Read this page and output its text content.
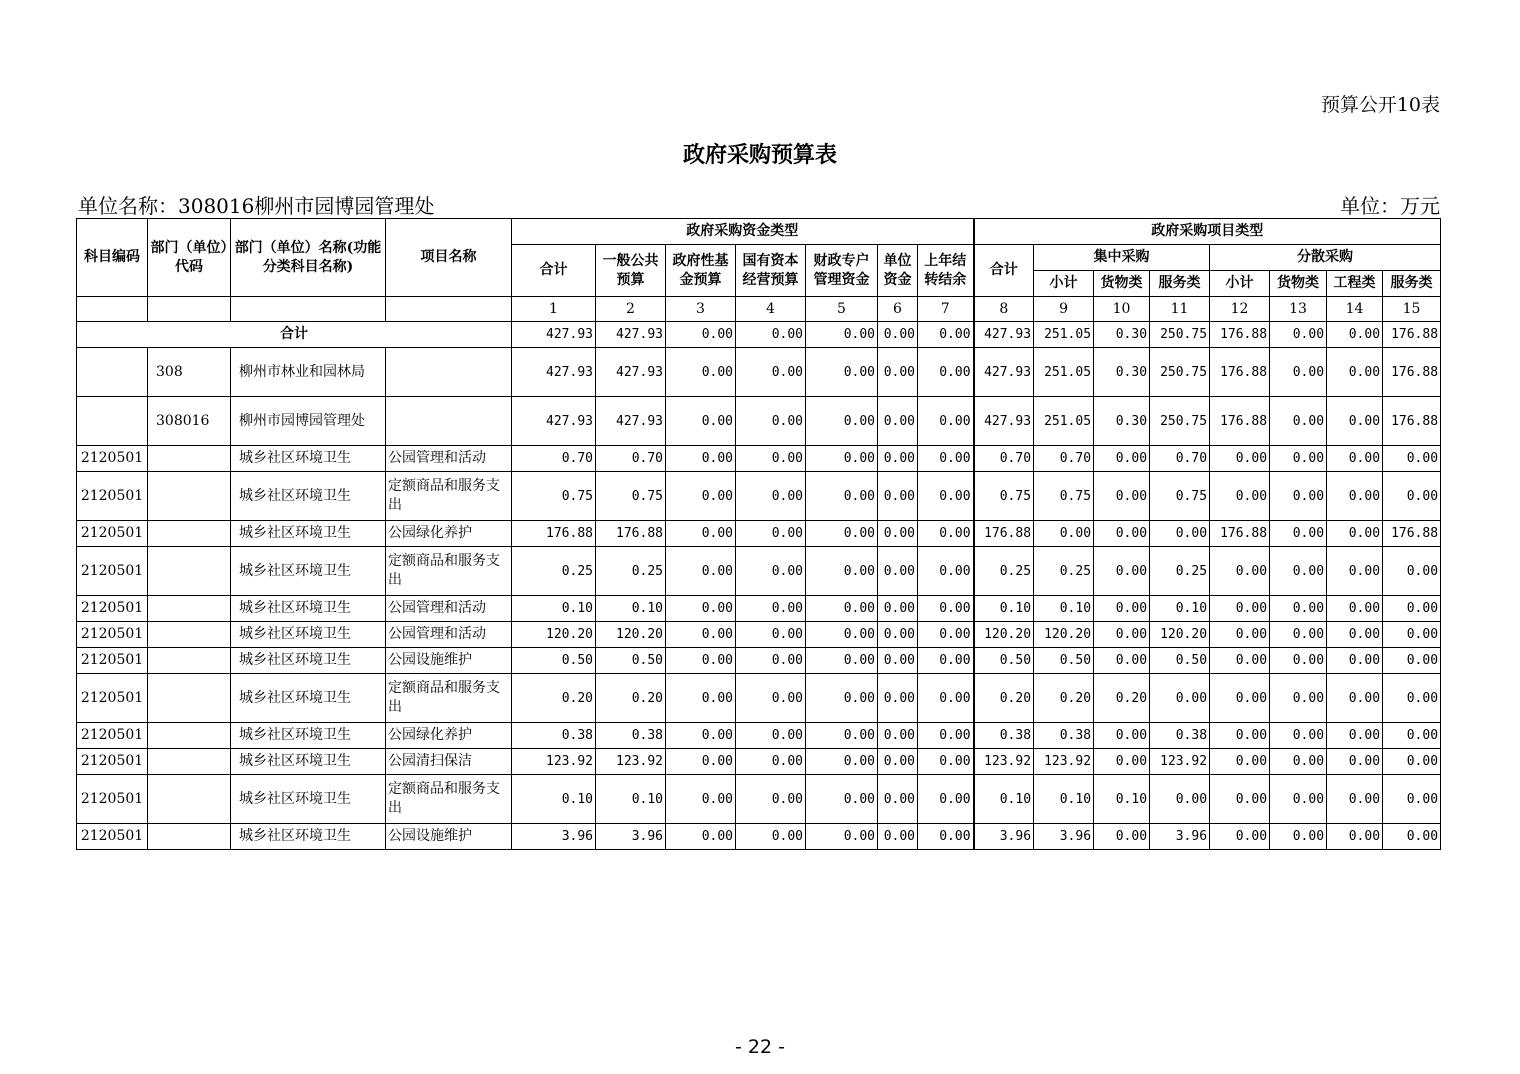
预算公开10表
政府采购预算表
单位名称：308016柳州市园博园管理处	单位：万元
科目编码	部门（单位）代码	部门（单位）名称(功能分类科目名称)	项目名称	政府采购资金类型							政府采购项目类型							
				合计	一般公共预算	政府性基金预算	国有资本经营预算	财政专户管理资金	单位资金	上年结转结余	合计	集中采购			分散采购			
												小计	货物类	服务类	小计	货物类	工程类	服务类
				1	2	3	4	5	6	7	8	9	10	11	12	13	14	15
合计				427.93	427.93	0.00	0.00	0.00	0.00	0.00	427.93	251.05	0.30	250.75	176.88	0.00	0.00	176.88
	308	柳州市林业和园林局		427.93	427.93	0.00	0.00	0.00	0.00	0.00	427.93	251.05	0.30	250.75	176.88	0.00	0.00	176.88
	308016	柳州市园博园管理处		427.93	427.93	0.00	0.00	0.00	0.00	0.00	427.93	251.05	0.30	250.75	176.88	0.00	0.00	176.88
2120501		城乡社区环境卫生	公园管理和活动	0.70	0.70	0.00	0.00	0.00	0.00	0.00	0.70	0.70	0.00	0.70	0.00	0.00	0.00	0.00
2120501		城乡社区环境卫生	定额商品和服务支出	0.75	0.75	0.00	0.00	0.00	0.00	0.00	0.75	0.75	0.00	0.75	0.00	0.00	0.00	0.00
2120501		城乡社区环境卫生	公园绿化养护	176.88	176.88	0.00	0.00	0.00	0.00	0.00	176.88	0.00	0.00	0.00	176.88	0.00	0.00	176.88
2120501		城乡社区环境卫生	定额商品和服务支出	0.25	0.25	0.00	0.00	0.00	0.00	0.00	0.25	0.25	0.00	0.25	0.00	0.00	0.00	0.00
2120501		城乡社区环境卫生	公园管理和活动	0.10	0.10	0.00	0.00	0.00	0.00	0.00	0.10	0.10	0.00	0.10	0.00	0.00	0.00	0.00
2120501		城乡社区环境卫生	公园管理和活动	120.20	120.20	0.00	0.00	0.00	0.00	0.00	120.20	120.20	0.00	120.20	0.00	0.00	0.00	0.00
2120501		城乡社区环境卫生	公园设施维护	0.50	0.50	0.00	0.00	0.00	0.00	0.00	0.50	0.50	0.00	0.50	0.00	0.00	0.00	0.00
2120501		城乡社区环境卫生	定额商品和服务支出	0.20	0.20	0.00	0.00	0.00	0.00	0.00	0.20	0.20	0.20	0.00	0.00	0.00	0.00	0.00
2120501		城乡社区环境卫生	公园绿化养护	0.38	0.38	0.00	0.00	0.00	0.00	0.00	0.38	0.38	0.00	0.38	0.00	0.00	0.00	0.00
2120501		城乡社区环境卫生	公园清扫保洁	123.92	123.92	0.00	0.00	0.00	0.00	0.00	123.92	123.92	0.00	123.92	0.00	0.00	0.00	0.00
2120501		城乡社区环境卫生	定额商品和服务支出	0.10	0.10	0.00	0.00	0.00	0.00	0.00	0.10	0.10	0.10	0.00	0.00	0.00	0.00	0.00
2120501		城乡社区环境卫生	公园设施维护	3.96	3.96	0.00	0.00	0.00	0.00	0.00	3.96	3.96	0.00	3.96	0.00	0.00	0.00	0.00
- 22 -
